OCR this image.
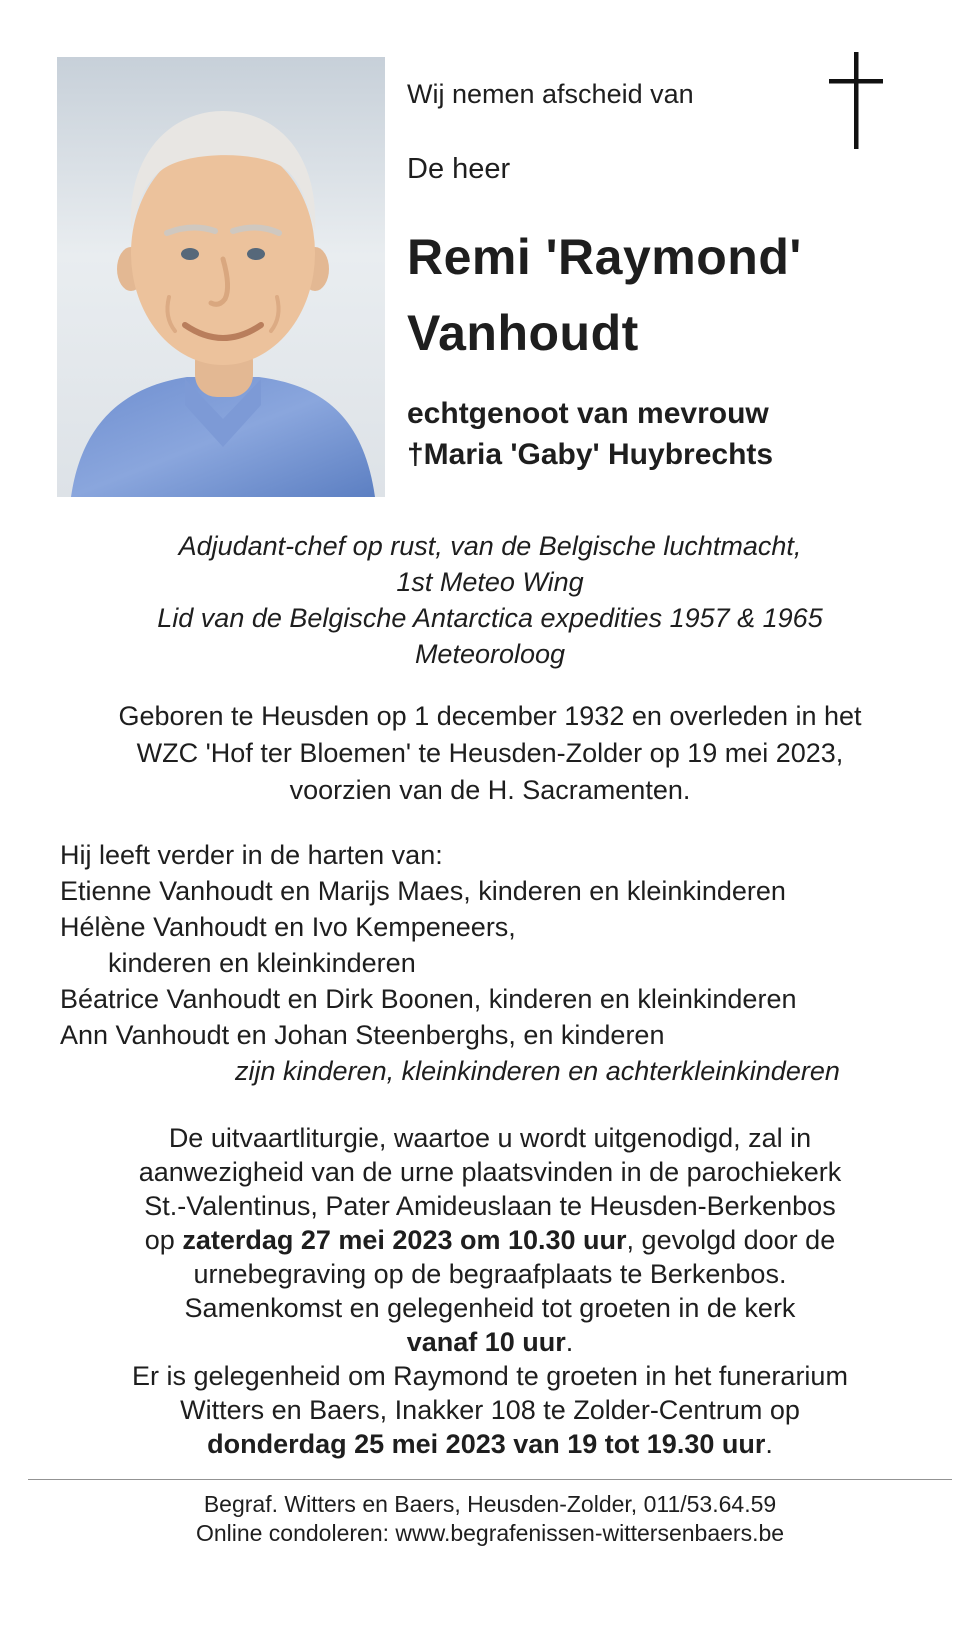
Wij nemen afscheid van

De heer

Remi 'Raymond'
Vanhoudt

echtgenoot van mevrouw
†Maria 'Gaby' Huybrechts

Adjudant-chef op rust, van de Belgische luchtmacht,

1st Meteo Wing

Lid van de Belgische Antarctica expedities 1957 & 1965

Meteoroloog

Geboren te Heusden op 1 december 1932 en overleden in het

WZC 'Hof ter Bloemen' te Heusden-Zolder op 19 mei 2023,

voorzien van de H. Sacramenten.

Hij leeft verder in de harten van:

Etienne Vanhoudt en Marijs Maes, kinderen en kleinkinderen

Hélène Vanhoudt en Ivo Kempeneers,

kinderen en kleinkinderen

Béatrice Vanhoudt en Dirk Boonen, kinderen en kleinkinderen

Ann Vanhoudt en Johan Steenberghs, en kinderen

zijn kinderen, kleinkinderen en achterkleinkinderen

De uitvaartliturgie, waartoe u wordt uitgenodigd, zal in

aanwezigheid van de urne plaatsvinden in de parochiekerk

St.-Valentinus, Pater Amideuslaan te Heusden-Berkenbos

op zaterdag 27 mei 2023 om 10.30 uur, gevolgd door de

urnebegraving op de begraafplaats te Berkenbos.

Samenkomst en gelegenheid tot groeten in de kerk

vanaf 10 uur.

Er is gelegenheid om Raymond te groeten in het funerarium

Witters en Baers, Inakker 108 te Zolder-Centrum op

donderdag 25 mei 2023 van 19 tot 19.30 uur.

Begraf. Witters en Baers, Heusden-Zolder, 011/53.64.59

Online condoleren: www.begrafenissen-wittersenbaers.be
